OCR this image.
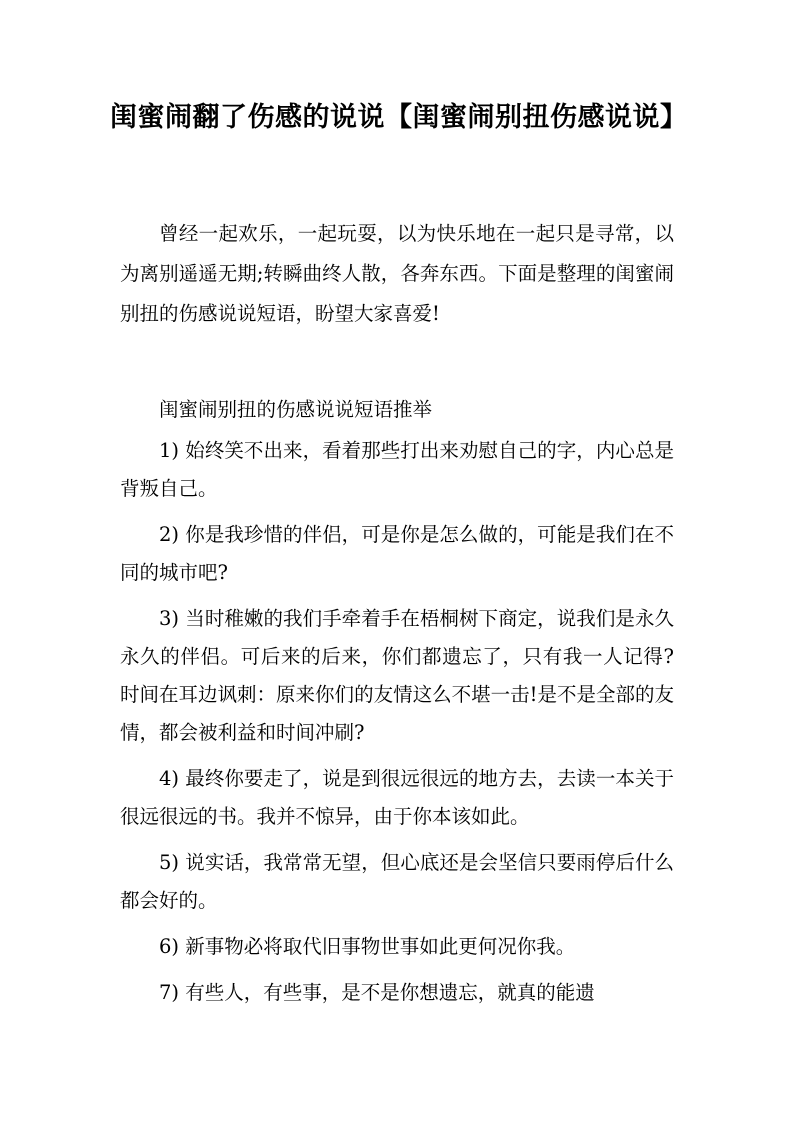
闺蜜闹翻了伤感的说说【闺蜜闹别扭伤感说说】

曾经一起欢乐，一起玩耍，以为快乐地在一起只是寻常，以为离别遥遥无期;转瞬曲终人散，各奔东西。下面是整理的闺蜜闹别扭的伤感说说短语，盼望大家喜爱!

闺蜜闹别扭的伤感说说短语推举

1) 始终笑不出来，看着那些打出来劝慰自己的字，内心总是背叛自己。
2) 你是我珍惜的伴侣，可是你是怎么做的，可能是我们在不同的城市吧?
3) 当时稚嫩的我们手牵着手在梧桐树下商定，说我们是永久永久的伴侣。可后来的后来，你们都遗忘了，只有我一人记得?时间在耳边讽刺：原来你们的友情这么不堪一击!是不是全部的友情，都会被利益和时间冲刷?
4) 最终你要走了，说是到很远很远的地方去，去读一本关于很远很远的书。我并不惊异，由于你本该如此。
5) 说实话，我常常无望，但心底还是会坚信只要雨停后什么都会好的。
6) 新事物必将取代旧事物世事如此更何况你我。
7) 有些人，有些事，是不是你想遗忘，就真的能遗
